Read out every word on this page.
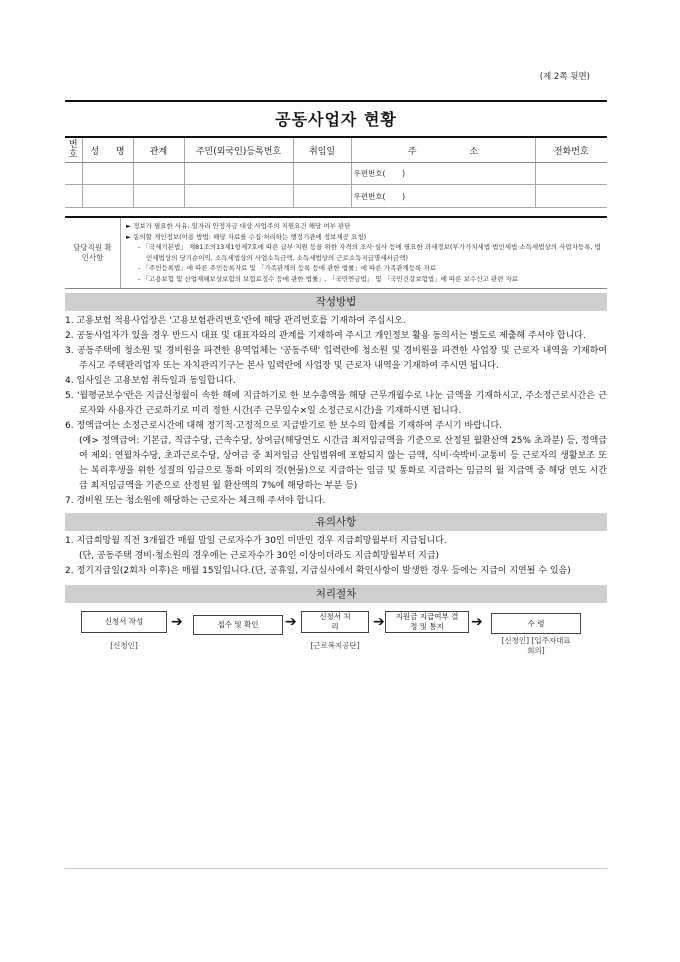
(제 2쪽 뒷면)
공동사업자 현황
번호	성 명	관계	주민(외국인)등록번호	취임일	주 소	전화번호
					우편번호(       )	
					우편번호(       )	
담당직원 확인사항
► 정보가 필요한 사유: 일자리 안정자금 대상 사업주의 지원요건 해당 여부 판단
► 동의할 개인정보(이용 방법: 해당 자료를 수집·처리하는 행정기관에 정보제공 요청)
- 「국세기본법」 제81조의13제1항제7호에 따른 급부·지원 등을 위한 자격의 조사·심사 등에 필요한 과세정보(부가가치세법·법인세법·소득세법상의 사업자등록, 법인세법상의 당기순이익, 소득세법상의 사업소득금액, 소득세법상의 근로소득지급명세서금액)
- 「주민등록법」에 따른 주민등록자료 및 「가족관계의 등록 등에 관한 법률」에 따른 가족관계등록 자료
- 「고용보험 및 산업재해보상보험의 보험료징수 등에 관한 법률」, 「국민연금법」 및 「국민건강보험법」에 따른 보수신고 관련 자료
작성방법
1. 고용보험 적용사업장은 '고용보험관리번호'란에 해당 관리번호를 기재하여 주십시오.
2. 공동사업자가 있을 경우 반드시 대표 및 대표자와의 관계를 기재하여 주시고 개인정보 활용 동의서는 별도로 제출해 주셔야 합니다.
3. 공동주택에 청소원 및 경비원을 파견한 용역업체는 '공동주택' 입력란에 청소원 및 경비원을 파견한 사업장 및 근로자 내역을 기재하여 주시고 주택관리업자 또는 자치관리기구는 본사 입력란에 사업장 및 근로자 내역을 기재하여 주시면 됩니다.
4. 입사일은 고용보험 취득일과 동일합니다.
5. '월평균보수'란은 지급신청월이 속한 해에 지급하기로 한 보수총액을 해당 근무개월수로 나눈 금액을 기재하시고, 주소정근로시간은 근로자와 사용자간 근로하기로 미리 정한 시간(주 근무일수×일 소정근로시간)을 기재하시면 됩니다.
6. 정액급여는 소정근로시간에 대해 정기적·고정적으로 지급받기로 한 보수의 합계를 기재하여 주시기 바랍니다.
(예> 정액급여: 기본급, 직급수당, 근속수당, 상여금(해당연도 시간급 최저임금액을 기준으로 산정된 월환산액 25% 초과분) 등, 정액급여 제외: 연월차수당, 초과근로수당, 상여금 중 최저임금 산입범위에 포함되지 않는 금액, 식비·숙박비·교통비 등 근로자의 생활보조 또는 복리후생을 위한 성질의 임금으로 통화 이외의 것(현물)으로 지급하는 임금 및 통화로 지급하는 임금의 월 지급액 중 해당 연도 시간급 최저임금액을 기준으로 산정된 월 환산액의 7%에 해당하는 부분 등)
7. 경비원 또는 청소원에 해당하는 근로자는 체크해 주셔야 합니다.
유의사항
1. 지급희망월 직전 3개월간 매월 말일 근로자수가 30인 미만인 경우 지급희망월부터 지급됩니다.
(단, 공동주택 경비·청소원의 경우에는 근로자수가 30인 이상이더라도 지급희망월부터 지급)
2. 정기지급일(2회차 이후)은 매월 15일입니다.(단, 공휴일, 지급심사에서 확인사항이 발생한 경우 등에는 지급이 지연될 수 있음)
처리절차
신청서 작성	➔	접수 및 확인	➔	신청서 처리	➔	지원금 지급여부 결정 및 통지	➔	수 령
[신청인]	[근로복지공단]
[신청인] [입주자대표회의]
